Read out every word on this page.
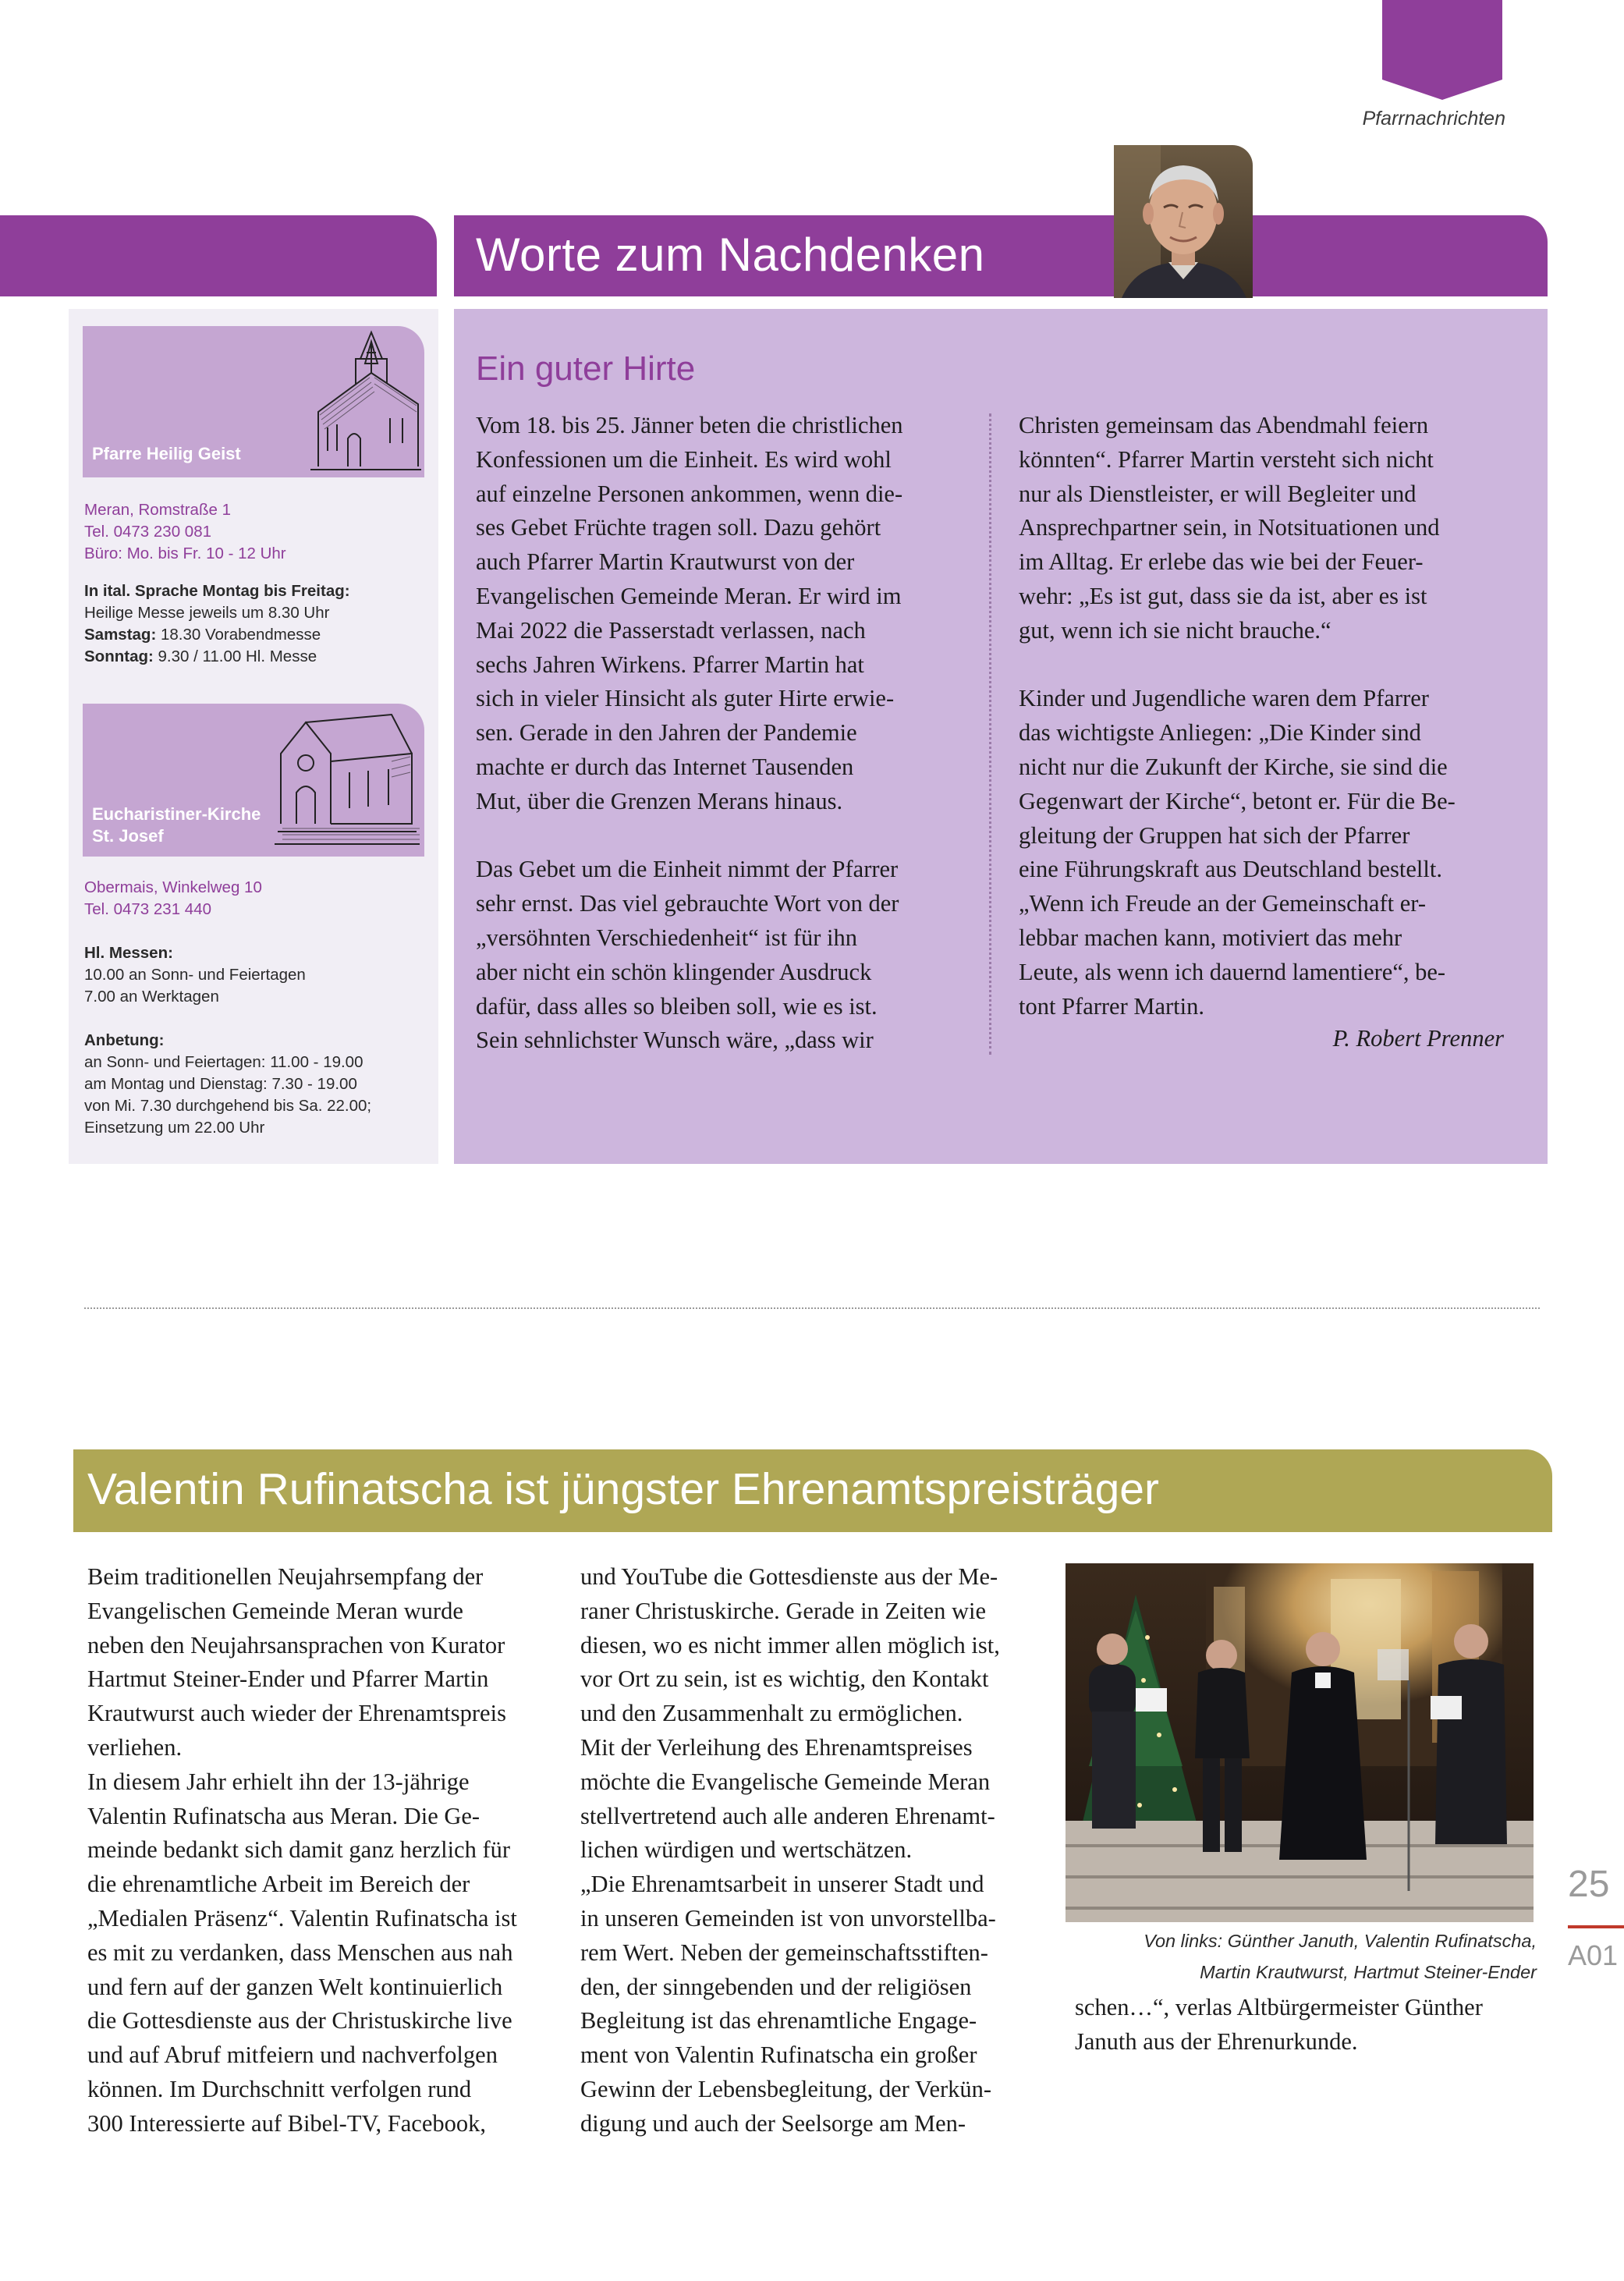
Pfarrnachrichten
Worte zum Nachdenken
Pfarre Heilig Geist
Meran, Romstraße 1
Tel. 0473 230 081
Büro: Mo. bis Fr. 10 - 12 Uhr
In ital. Sprache Montag bis Freitag:
Heilige Messe jeweils um 8.30 Uhr
Samstag: 18.30 Vorabendmesse
Sonntag: 9.30 / 11.00 Hl. Messe
Eucharistiner-Kirche
St. Josef
Obermais, Winkelweg 10
Tel. 0473 231 440
Hl. Messen:
10.00 an Sonn- und Feiertagen
7.00 an Werktagen
Anbetung:
an Sonn- und Feiertagen: 11.00 - 19.00
am Montag und Dienstag: 7.30 - 19.00
von Mi. 7.30 durchgehend bis Sa. 22.00;
Einsetzung um 22.00 Uhr
Ein guter Hirte
Vom 18. bis 25. Jänner beten die christlichen
Konfessionen um die Einheit. Es wird wohl
auf einzelne Personen ankommen, wenn die-
ses Gebet Früchte tragen soll. Dazu gehört
auch Pfarrer Martin Krautwurst von der
Evangelischen Gemeinde Meran. Er wird im
Mai 2022 die Passerstadt verlassen, nach
sechs Jahren Wirkens. Pfarrer Martin hat
sich in vieler Hinsicht als guter Hirte erwie-
sen. Gerade in den Jahren der Pandemie
machte er durch das Internet Tausenden
Mut, über die Grenzen Merans hinaus.
Das Gebet um die Einheit nimmt der Pfarrer
sehr ernst. Das viel gebrauchte Wort von der
„versöhnten Verschiedenheit“ ist für ihn
aber nicht ein schön klingender Ausdruck
dafür, dass alles so bleiben soll, wie es ist.
Sein sehnlichster Wunsch wäre, „dass wir
Christen gemeinsam das Abendmahl feiern
könnten“. Pfarrer Martin versteht sich nicht
nur als Dienstleister, er will Begleiter und
Ansprechpartner sein, in Notsituationen und
im Alltag. Er erlebe das wie bei der Feuer-
wehr: „Es ist gut, dass sie da ist, aber es ist
gut, wenn ich sie nicht brauche.“
Kinder und Jugendliche waren dem Pfarrer
das wichtigste Anliegen: „Die Kinder sind
nicht nur die Zukunft der Kirche, sie sind die
Gegenwart der Kirche“, betont er. Für die Be-
gleitung der Gruppen hat sich der Pfarrer
eine Führungskraft aus Deutschland bestellt.
„Wenn ich Freude an der Gemeinschaft er-
lebbar machen kann, motiviert das mehr
Leute, als wenn ich dauernd lamentiere“, be-
tont Pfarrer Martin.
P. Robert Prenner
Valentin Rufinatscha ist jüngster Ehrenamtspreisträger
Beim traditionellen Neujahrsempfang der
Evangelischen Gemeinde Meran wurde
neben den Neujahrsansprachen von Kurator
Hartmut Steiner-Ender und Pfarrer Martin
Krautwurst auch wieder der Ehrenamtspreis
verliehen.
In diesem Jahr erhielt ihn der 13-jährige
Valentin Rufinatscha aus Meran. Die Ge-
meinde bedankt sich damit ganz herzlich für
die ehrenamtliche Arbeit im Bereich der
„Medialen Präsenz“. Valentin Rufinatscha ist
es mit zu verdanken, dass Menschen aus nah
und fern auf der ganzen Welt kontinuierlich
die Gottesdienste aus der Christuskirche live
und auf Abruf mitfeiern und nachverfolgen
können. Im Durchschnitt verfolgen rund
300 Interessierte auf Bibel-TV, Facebook,
und YouTube die Gottesdienste aus der Me-
raner Christuskirche. Gerade in Zeiten wie
diesen, wo es nicht immer allen möglich ist,
vor Ort zu sein, ist es wichtig, den Kontakt
und den Zusammenhalt zu ermöglichen.
Mit der Verleihung des Ehrenamtspreises
möchte die Evangelische Gemeinde Meran
stellvertretend auch alle anderen Ehrenamt-
lichen würdigen und wertschätzen.
„Die Ehrenamtsarbeit in unserer Stadt und
in unseren Gemeinden ist von unvorstellba-
rem Wert. Neben der gemeinschaftsstiften-
den, der sinngebenden und der religiösen
Begleitung ist das ehrenamtliche Engage-
ment von Valentin Rufinatscha ein großer
Gewinn der Lebensbegleitung, der Verkün-
digung und auch der Seelsorge am Men-
Von links: Günther Januth, Valentin Rufinatscha,
Martin Krautwurst, Hartmut Steiner-Ender
schen…“, verlas Altbürgermeister Günther
Januth aus der Ehrenurkunde.
25
A01
